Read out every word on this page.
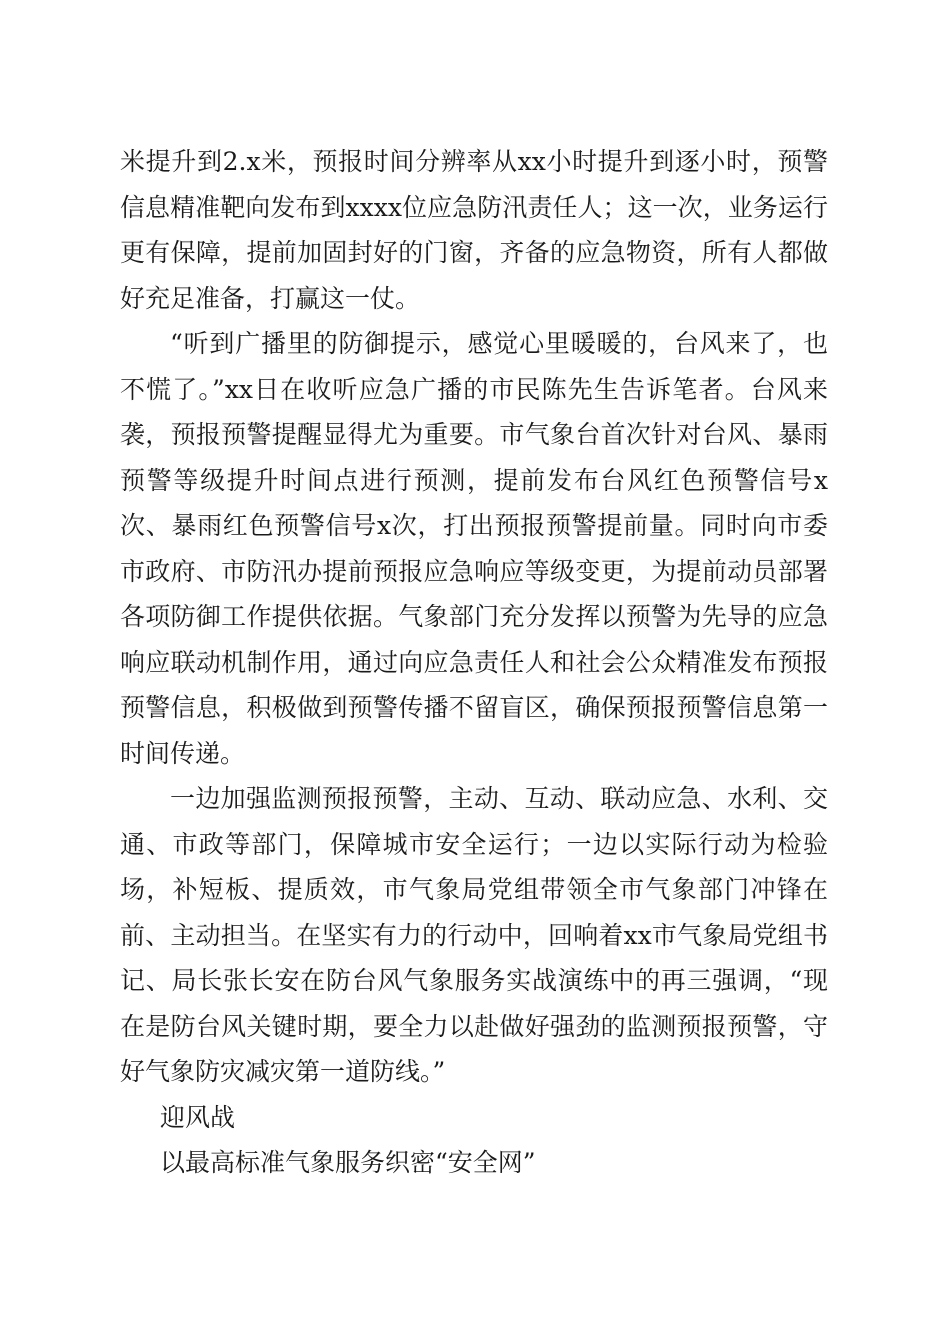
米提升到2.x米，预报时间分辨率从xx小时提升到逐小时，预警信息精准靶向发布到xxxx位应急防汛责任人；这一次，业务运行更有保障，提前加固封好的门窗，齐备的应急物资，所有人都做好充足准备，打赢这一仗。

“听到广播里的防御提示，感觉心里暖暖的，台风来了，也不慌了。”xx日在收听应急广播的市民陈先生告诉笔者。台风来袭，预报预警提醒显得尤为重要。市气象台首次针对台风、暴雨预警等级提升时间点进行预测，提前发布台风红色预警信号x次、暴雨红色预警信号x次，打出预报预警提前量。同时向市委市政府、市防汛办提前预报应急响应等级变更，为提前动员部署各项防御工作提供依据。气象部门充分发挥以预警为先导的应急响应联动机制作用，通过向应急责任人和社会公众精准发布预报预警信息，积极做到预警传播不留盲区，确保预报预警信息第一时间传递。

一边加强监测预报预警，主动、互动、联动应急、水利、交通、市政等部门，保障城市安全运行；一边以实际行动为检验场，补短板、提质效，市气象局党组带领全市气象部门冲锋在前、主动担当。在坚实有力的行动中，回响着xx市气象局党组书记、局长张长安在防台风气象服务实战演练中的再三强调，“现在是防台风关键时期，要全力以赴做好强劲的监测预报预警，守好气象防灾减灾第一道防线。”

迎风战

以最高标准气象服务织密“安全网”
